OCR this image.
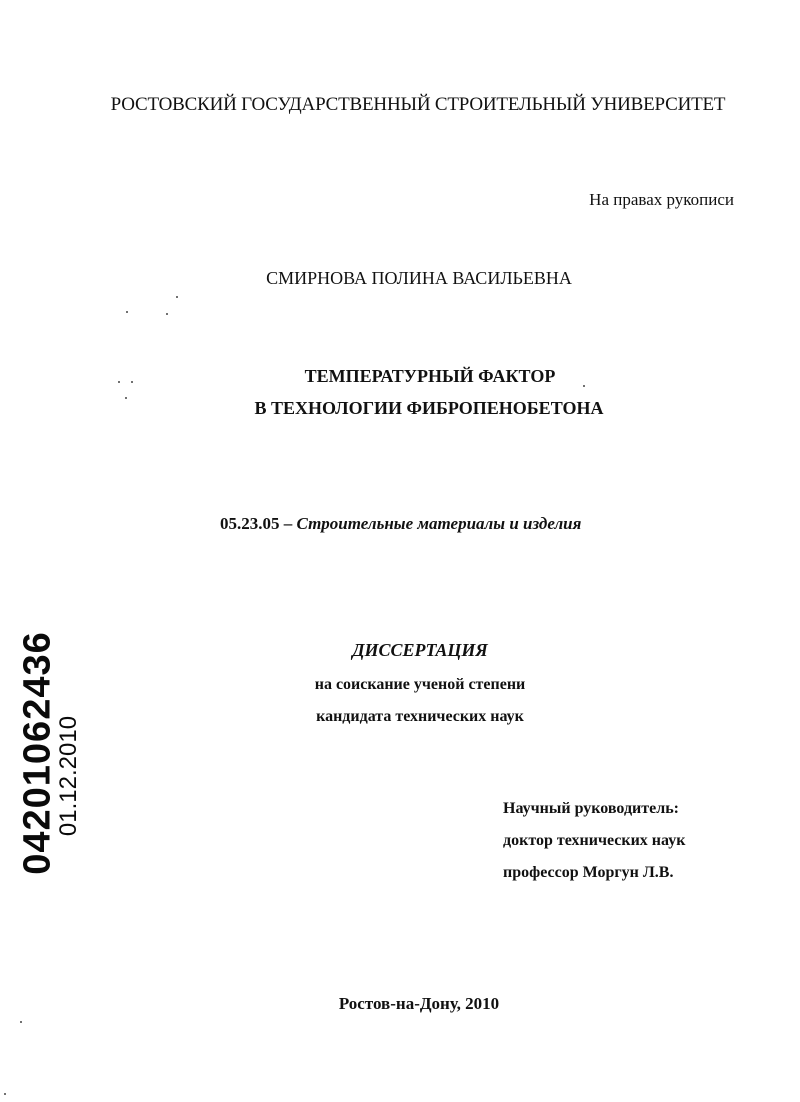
РОСТОВСКИЙ ГОСУДАРСТВЕННЫЙ СТРОИТЕЛЬНЫЙ УНИВЕРСИТЕТ
На правах рукописи
СМИРНОВА ПОЛИНА ВАСИЛЬЕВНА
ТЕМПЕРАТУРНЫЙ ФАКТОР
В ТЕХНОЛОГИИ ФИБРОПЕНОБЕТОНА
05.23.05 – Строительные материалы и изделия
ДИССЕРТАЦИЯ
на соискание ученой степени
кандидата технических наук
Научный руководитель:
доктор технических наук
профессор Моргун Л.В.
Ростов-на-Дону, 2010
04201062436
01.12.2010
